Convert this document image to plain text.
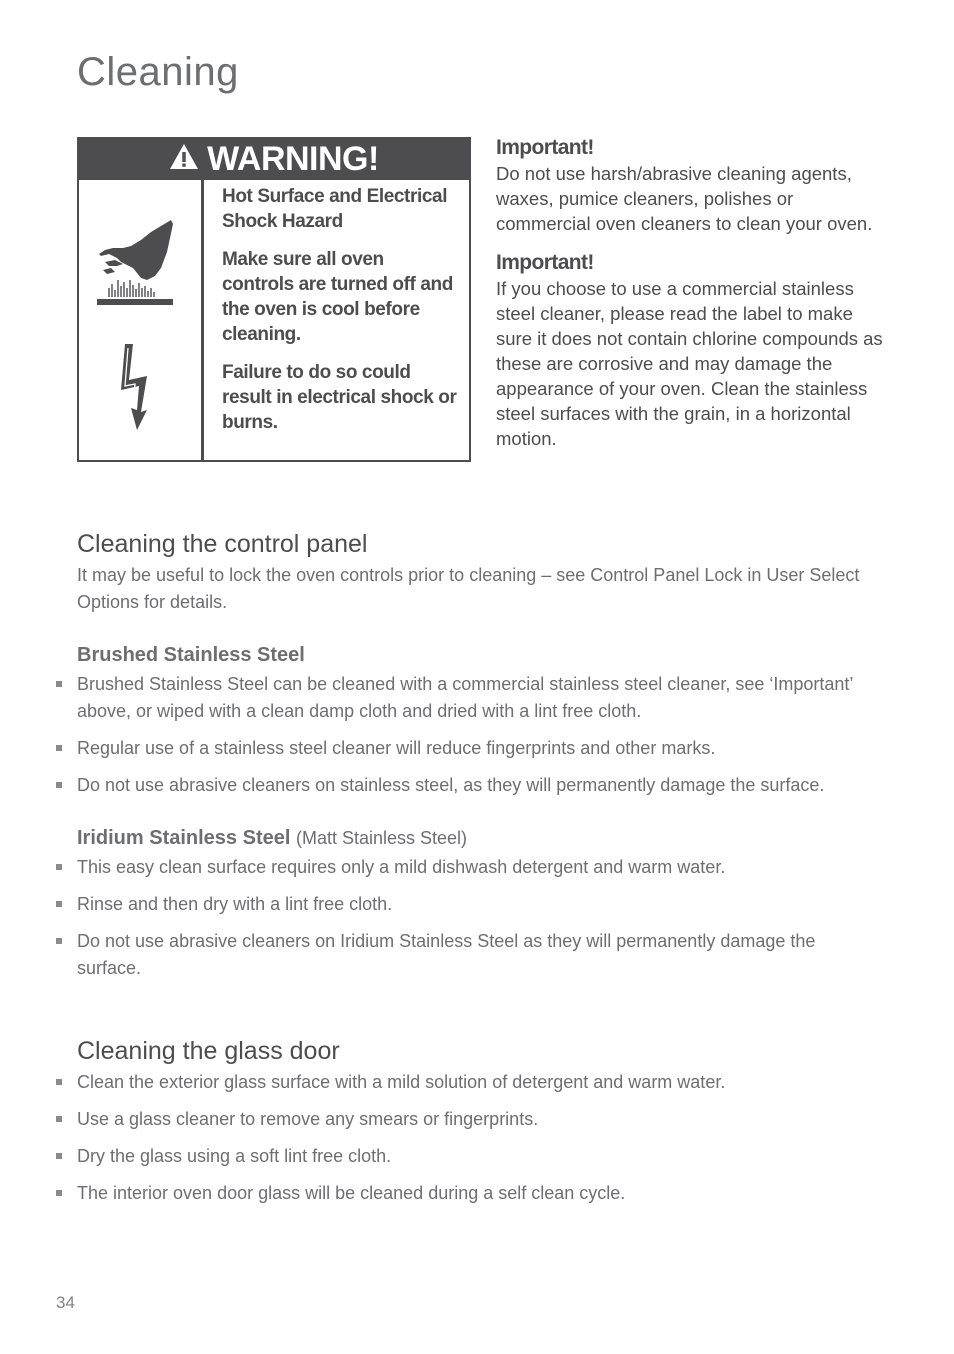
Cleaning
WARNING!

Hot Surface and Electrical Shock Hazard

Make sure all oven controls are turned off and the oven is cool before cleaning.

Failure to do so could result in electrical shock or burns.

Important!

Do not use harsh/abrasive cleaning agents, waxes, pumice cleaners, polishes or commercial oven cleaners to clean your oven.

Important!

If you choose to use a commercial stainless steel cleaner, please read the label to make sure it does not contain chlorine compounds as these are corrosive and may damage the appearance of your oven. Clean the stainless steel surfaces with the grain, in a horizontal motion.

Cleaning the control panel

It may be useful to lock the oven controls prior to cleaning – see Control Panel Lock in User Select Options for details.

Brushed Stainless Steel
Brushed Stainless Steel can be cleaned with a commercial stainless steel cleaner, see ‘Important’ above, or wiped with a clean damp cloth and dried with a lint free cloth.
Regular use of a stainless steel cleaner will reduce fingerprints and other marks.
Do not use abrasive cleaners on stainless steel, as they will permanently damage the surface.
Iridium Stainless Steel (Matt Stainless Steel)
This easy clean surface requires only a mild dishwash detergent and warm water.
Rinse and then dry with a lint free cloth.
Do not use abrasive cleaners on Iridium Stainless Steel as they will permanently damage the surface.
Cleaning the glass door
Clean the exterior glass surface with a mild solution of detergent and warm water.
Use a glass cleaner to remove any smears or fingerprints.
Dry the glass using a soft lint free cloth.
The interior oven door glass will be cleaned during a self clean cycle.
34
